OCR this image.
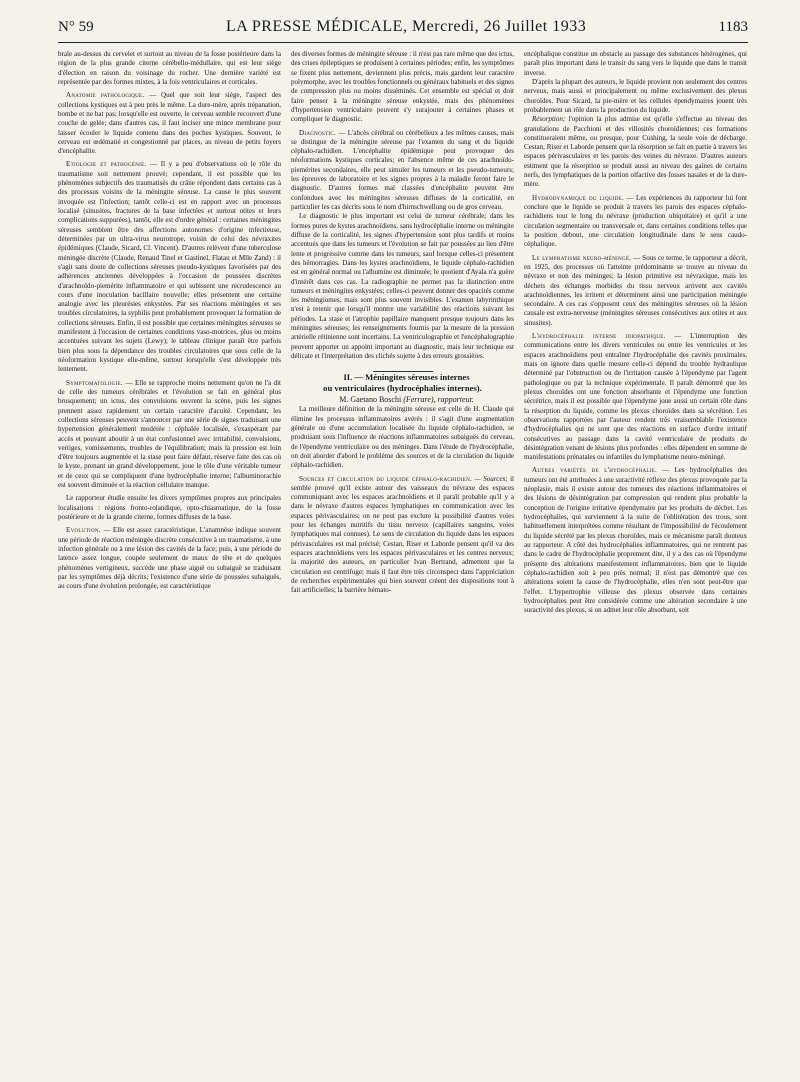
N° 59	LA PRESSE MÉDICALE, Mercredi, 26 Juillet 1933	1183

brale au-dessus du cervelet et surtout au niveau de la fosse postérieure dans la région de la plus grande citerne cérébello-médullaire, qui est leur siège d'élection en raison du voisinage du rocher. Une dernière variété est représentée par des formes mixtes, à la fois ventriculaires et corticales.

Anatomie pathologique. — Quel que soit leur siège, l'aspect des collections kystiques est à peu près le même. La dure-mère, après trépanation, bombe et ne bat pas; lorsqu'elle est ouverte, le cerveau semble recouvert d'une couche de gelée; dans d'autres cas, il faut inciser une mince membrane pour laisser écouler le liquide contenu dans des poches kystiques. Souvent, le cerveau est œdématié et congestionné par places, au niveau de petits foyers d'encéphalite.

Etiologie et pathogénie. — Il y a peu d'observations où le rôle du traumatisme soit nettement prouvé; cependant, il est possible que les phénomènes subjectifs des traumatisés du crâne répondent dans certains cas à des processus voisins de la méningite séreuse. La cause le plus souvent invoquée est l'infection; tantôt celle-ci est en rapport avec un processus localisé (sinusites, fractures de la base infectées et surtout otites et leurs complications suppurées), tantôt, elle est d'ordre général : certaines méningites séreuses semblent être des affections autonomes d'origine infectieuse, déterminées par un ultra-virus neurotrope, voisin de celui des névraxites épidémiques (Claude, Sicard, Cl. Vincent). D'autres relèvent d'une tuberculose méningée discrète (Claude, Renaud Tinel et Gastinel, Flatau et Mlle Zand) : il s'agit sans doute de collections séreuses pseudo-kystiques favorisées par des adhérences anciennes développées à l'occasion de poussées discrètes d'arachnoïdo-piemérite inflammatoire et qui subissent une recrudescence au cours d'une inoculation bacillaire nouvelle; elles présentent une certaine analogie avec les pleurésies enkystées. Par ses réactions méningées et ses troubles circulatoires, la syphilis peut probablement provoquer la formation de collections séreuses. Enfin, il est possible que certaines méningites séreuses se manifestent à l'occasion de certaines conditions vaso-motrices, plus ou moins accentuées suivant les sujets (Lewy); le tableau clinique paraît être parfois bien plus sous la dépendance des troubles circulatoires que sous celle de la néoformation kystique elle-même, surtout lorsqu'elle s'est développée très lentement.

Symptomatologie. — Elle se rapproche moins nettement qu'on ne l'a dit de celle des tumeurs cérébrales et l'évolution se fait en général plus brusquement; un ictus, des convulsions ouvrent la scène, puis les signes prennent assez rapidement un certain caractère d'acuité. Cependant, les collections séreuses peuvent s'annoncer par une série de signes traduisant une hypertension généralement modérée : céphalée localisée, s'exaspérant par accès et pouvant aboutir à un état confusionnel avec irritabilité, convulsions, vertiges, vomissements, troubles de l'équilibration; mais la pression est loin d'être toujours augmentée et la stase peut faire défaut, réserve faite des cas où le kyste, prenant un grand développement, joue le rôle d'une véritable tumeur et de ceux qui se compliquent d'une hydrocéphalie interne; l'albuminorachie est souvent diminuée et la réaction cellulaire manque.

Le rapporteur étudie ensuite les divers symptômes propres aux principales localisations : régions fronto-rolandique, opto-chiasmatique, de la fosse postérieure et de la grande citerne, formes diffuses de la base.

Evolution. — Elle est assez caractéristique. L'anamnèse indique souvent une période de réaction méningée discrète consécutive à un traumatisme, à une infection générale ou à une lésion des cavités de la face; puis, à une période de latence assez longue, coupée seulement de maux de tête et de quelques phénomènes vertigineux, succède une phase aiguë ou subaiguë se traduisant par les symptômes déjà décrits; l'existence d'une série de poussées subaiguës, au cours d'une évolution prolongée, est caractéristique

des diverses formes de méningite séreuse : il n'est pas rare même que des ictus, des crises épileptiques se produisent à certaines périodes; enfin, les symptômes se fixent plus nettement, deviennent plus précis, mais gardent leur caractère polymorphe, avec les troubles fonctionnels ou généraux habituels et des signes de compression plus ou moins disséminés. Cet ensemble est spécial et doit faire penser à la méningite séreuse enkystée, mais des phénomènes d'hypertension ventriculaire peuvent s'y surajouter à certaines phases et compliquer le diagnostic.

Diagnostic. — L'abcès cérébral ou cérébelleux a les mêmes causes, mais se distingue de la méningite séreuse par l'examen du sang et du liquide céphalo-rachidien. L'encéphalite épidémique peut provoquer des néoformations kystiques corticales; en l'absence même de ces arachnoïdo-piemérites secondaires, elle peut simuler les tumeurs et les pseudo-tumeurs; les épreuves de laboratoire et les signes propres à la maladie feront faire le diagnostic. D'autres formes mal classées d'encéphalite peuvent être confondues avec les méningites séreuses diffuses de la corticalité, en particulier les cas décrits sous le nom d'hirnschwellung ou de gros cerveau.

Le diagnostic le plus important est celui de tumeur cérébrale; dans les formes pures de kystes arachnoïdiens, sans hydrocéphalie interne ou méningite diffuse de la corticalité, les signes d'hypertension sont plus tardifs et moins accentués que dans les tumeurs et l'évolution se fait par poussées au lieu d'être lente et progressive comme dans les tumeurs, sauf lorsque celles-ci présentent des hémorragies. Dans les kystes arachnoïdiens, le liquide céphalo-rachidien est en général normal ou l'albumine est diminuée; le quotient d'Ayala n'a guère d'intérêt dans ces cas. La radiographie ne permet pas la distinction entre tumeurs et méningites enkystées; celles-ci peuvent donner des opacités comme les méningiomes, mais sont plus souvent invisibles. L'examen labyrinthique n'est à retenir que lorsqu'il montre une variabilité des réactions suivant les périodes. La stase et l'atrophie papillaire manquent presque toujours dans les méningites séreuses; les renseignements fournis par la mesure de la pression artérielle rétinienne sont incertains. La ventriculographie et l'encéphalographie peuvent apporter un appoint important au diagnostic, mais leur technique est délicate et l'interprétation des clichés sujette à des erreurs grossières.

II. — Méningites séreuses internes
ou ventriculaires (hydrocéphalies internes).

M. Gaetano Boschi (Ferrare), rapporteur.

La meilleure définition de la méningite séreuse est celle de H. Claude qui élimine les processus inflammatoires avérés : il s'agit d'une augmentation générale ou d'une accumulation localisée du liquide céphalo-rachidien, se produisant sous l'influence de réactions inflammatoires subaiguës du cerveau, de l'épendyme ventriculaire ou des méninges. Dans l'étude de l'hydrocéphalie, on doit aborder d'abord le problème des sources et de la circulation du liquide céphalo-rachidien.

Sources et circulation du liquide céphalo-rachidien. — Sources; il semble prouvé qu'il existe autour des vaisseaux du névraxe des espaces communiquant avec les espaces arachnoïdiens et il paraît probable qu'il y a dans le névraxe d'autres espaces lymphatiques en communication avec les espaces périvasculaires; on ne peut pas exclure la possibilité d'autres voies pour les échanges nutritifs du tissu nerveux (capillaires sanguins, voies lymphatiques mal connues). Le sens de circulation du liquide dans les espaces périvasculaires est mal précisé; Cestan, Riser et Laborde pensent qu'il va des espaces arachnoïdiens vers les espaces périvasculaires et les centres nerveux; la majorité des auteurs, en particulier Ivan Bertrand, admettent que la circulation est centrifuge; mais il faut être très circonspect dans l'appréciation de recherches expérimentales qui bien souvent créent des dispositions tout à fait artificielles; la barrière hémato-

encéphalique constitue un obstacle au passage des substances hétérogènes, qui paraît plus important dans le transit du sang vers le liquide que dans le transit inverse.

D'après la plupart des auteurs, le liquide provient non seulement des centres nerveux, mais aussi et principalement ou même exclusivement des plexus choroïdes. Pour Sicard, la pie-mère et les cellules épendymaires jouent très probablement un rôle dans la production du liquide.

Résorption; l'opinion la plus admise est qu'elle s'effectue au niveau des granulations de Pacchioni et des villosités choroïdiennes; ces formations constitueraient même, ou presque, pour Cushing, la seule voie de décharge. Cestan, Riser et Laborde pensent que la résorption se fait en partie à travers les espaces périvasculaires et les parois des veines du névraxe. D'autres auteurs estiment que la résorption se produit aussi au niveau des gaines de certains nerfs, des lymphatiques de la portion olfactive des fosses nasales et de la dure-mère.

Hydrodynamique du liquide. — Les expériences du rapporteur lui font conclure que le liquide se produit à travers les parois des espaces céphalo-rachidiens tout le long du névraxe (production ubiquitaire) et qu'il a une circulation segmentaire ou transversale et, dans certaines conditions telles que la position debout, une circulation longitudinale dans le sens caudo-céphalique.

Le lymphatisme neuro-méningé. — Sous ce terme, le rapporteur a décrit, en 1925, des processus où l'atteinte prédominante se trouve au niveau du névraxe et non des méninges; la lésion primitive est névraxique, mais les déchets des échanges morbides du tissu nerveux arrivent aux cavités arachnoïdiennes, les irritent et déterminent ainsi une participation méningée secondaire. A ces cas s'opposent ceux des méningites séreuses où la lésion causale est extra-nerveuse (méningites séreuses consécutives aux otites et aux sinusites).

L'hydrocéphalie interne idiopathique. — L'interruption des communications entre les divers ventricules ou entre les ventricules et les espaces arachnoïdiens peut entraîner l'hydrocéphalie des cavités proximales, mais on ignore dans quelle mesure celle-ci dépend du trouble hydraulique déterminé par l'obstruction ou de l'irritation causée à l'épendyme par l'agent pathologique ou par la technique expérimentale. Il paraît démontré que les plexus choroïdes ont une fonction absorbante et l'épendyme une fonction sécrétrice, mais il est possible que l'épendyme joue aussi un certain rôle dans la résorption du liquide, comme les plexus choroïdes dans sa sécrétion. Les observations rapportées par l'auteur rendent très vraisemblable l'existence d'hydrocéphalies qui ne sont que des réactions en surface d'ordre irritatif consécutives au passage dans la cavité ventriculaire de produits de désintégration venant de lésions plus profondes : elles dépendent en somme de manifestations prénatales ou infantiles du lymphatisme neuro-méningé.

Autres variétés de l'hydrocéphalie. — Les hydrocéphalies des tumeurs ont été attribuées à une suractivité réflexe des plexus provoquée par la néoplasie, mais il existe autour des tumeurs des réactions inflammatoires et des lésions de désintégration par compression qui rendent plus probable la conception de l'origine irritative épendymaire par les produits de déchet. Les hydrocéphalies, qui surviennent à la suite de l'oblitération des trous, sont habituellement interprétées comme résultant de l'impossibilité de l'écoulement du liquide sécrété par les plexus choroïdes, mais ce mécanisme paraît douteux au rapporteur. A côté des hydrocéphalies inflammatoires, qui ne rentrent pas dans le cadre de l'hydrocéphalie proprement dite, il y a des cas où l'épendyme présente des altérations manifestement inflammatoires, bien que le liquide céphalo-rachidien soit à peu près normal; il n'est pas démontré que ces altérations soient la cause de l'hydrocéphalie, elles n'en sont peut-être que l'effet. L'hypertrophie villeuse des plexus observée dans certaines hydrocéphalies peut être considérée comme une altération secondaire à une suractivité des plexus, si on admet leur rôle absorbant, soit
